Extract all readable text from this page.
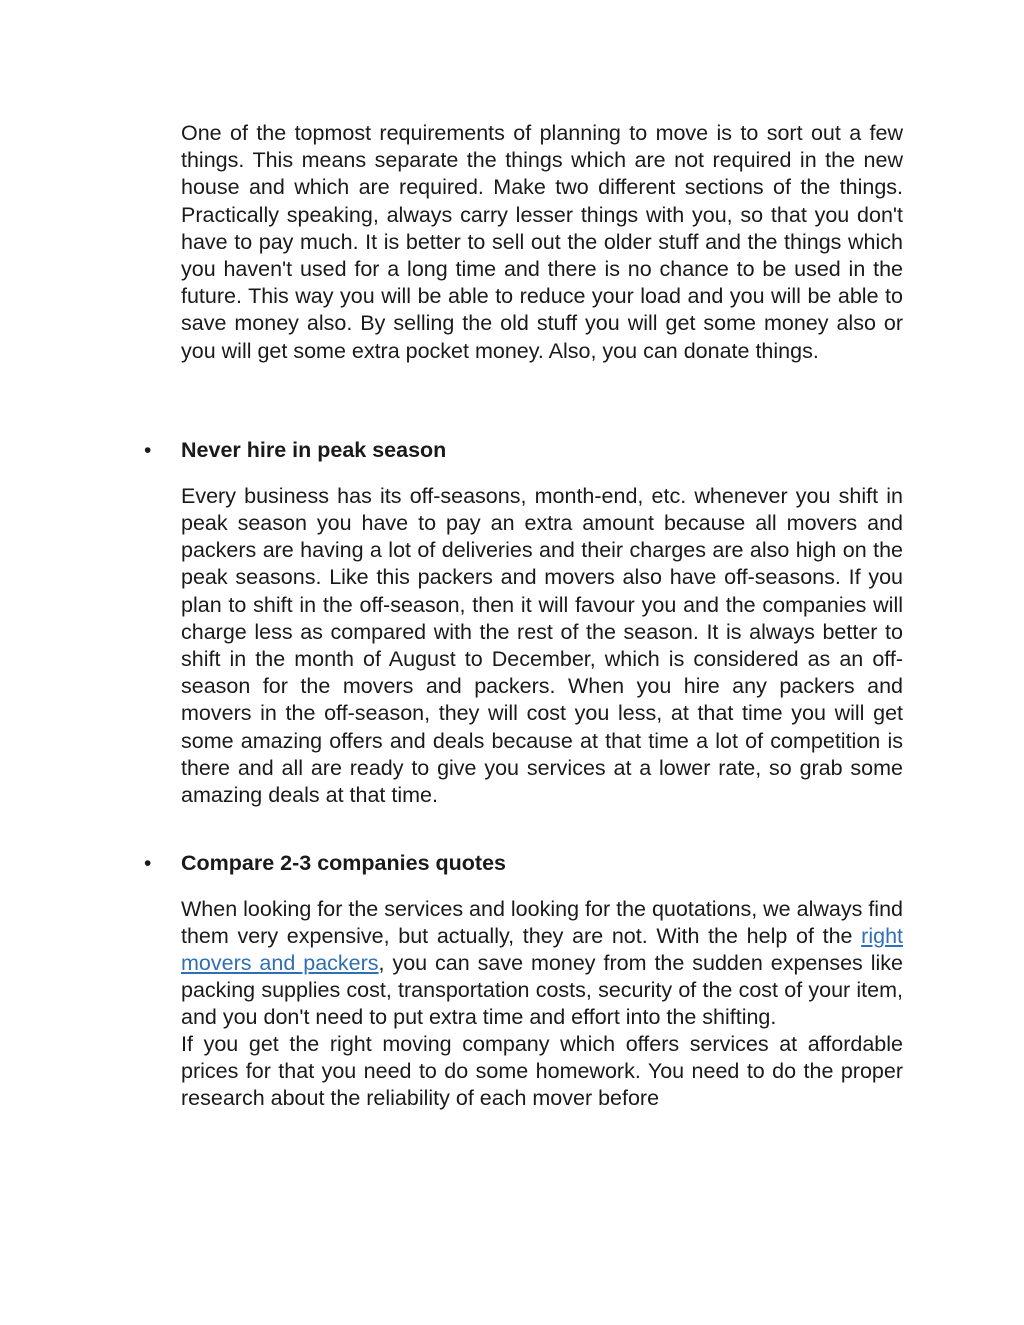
One of the topmost requirements of planning to move is to sort out a few things. This means separate the things which are not required in the new house and which are required. Make two different sections of the things. Practically speaking, always carry lesser things with you, so that you don't have to pay much. It is better to sell out the older stuff and the things which you haven't used for a long time and there is no chance to be used in the future. This way you will be able to reduce your load and you will be able to save money also. By selling the old stuff you will get some money also or you will get some extra pocket money. Also, you can donate things.

• Never hire in peak season

Every business has its off-seasons, month-end, etc. whenever you shift in peak season you have to pay an extra amount because all movers and packers are having a lot of deliveries and their charges are also high on the peak seasons. Like this packers and movers also have off-seasons. If you plan to shift in the off-season, then it will favour you and the companies will charge less as compared with the rest of the season. It is always better to shift in the month of August to December, which is considered as an off-season for the movers and packers. When you hire any packers and movers in the off-season, they will cost you less, at that time you will get some amazing offers and deals because at that time a lot of competition is there and all are ready to give you services at a lower rate, so grab some amazing deals at that time.

• Compare 2-3 companies quotes

When looking for the services and looking for the quotations, we always find them very expensive, but actually, they are not. With the help of the right movers and packers, you can save money from the sudden expenses like packing supplies cost, transportation costs, security of the cost of your item, and you don't need to put extra time and effort into the shifting.

If you get the right moving company which offers services at affordable prices for that you need to do some homework. You need to do the proper research about the reliability of each mover before
